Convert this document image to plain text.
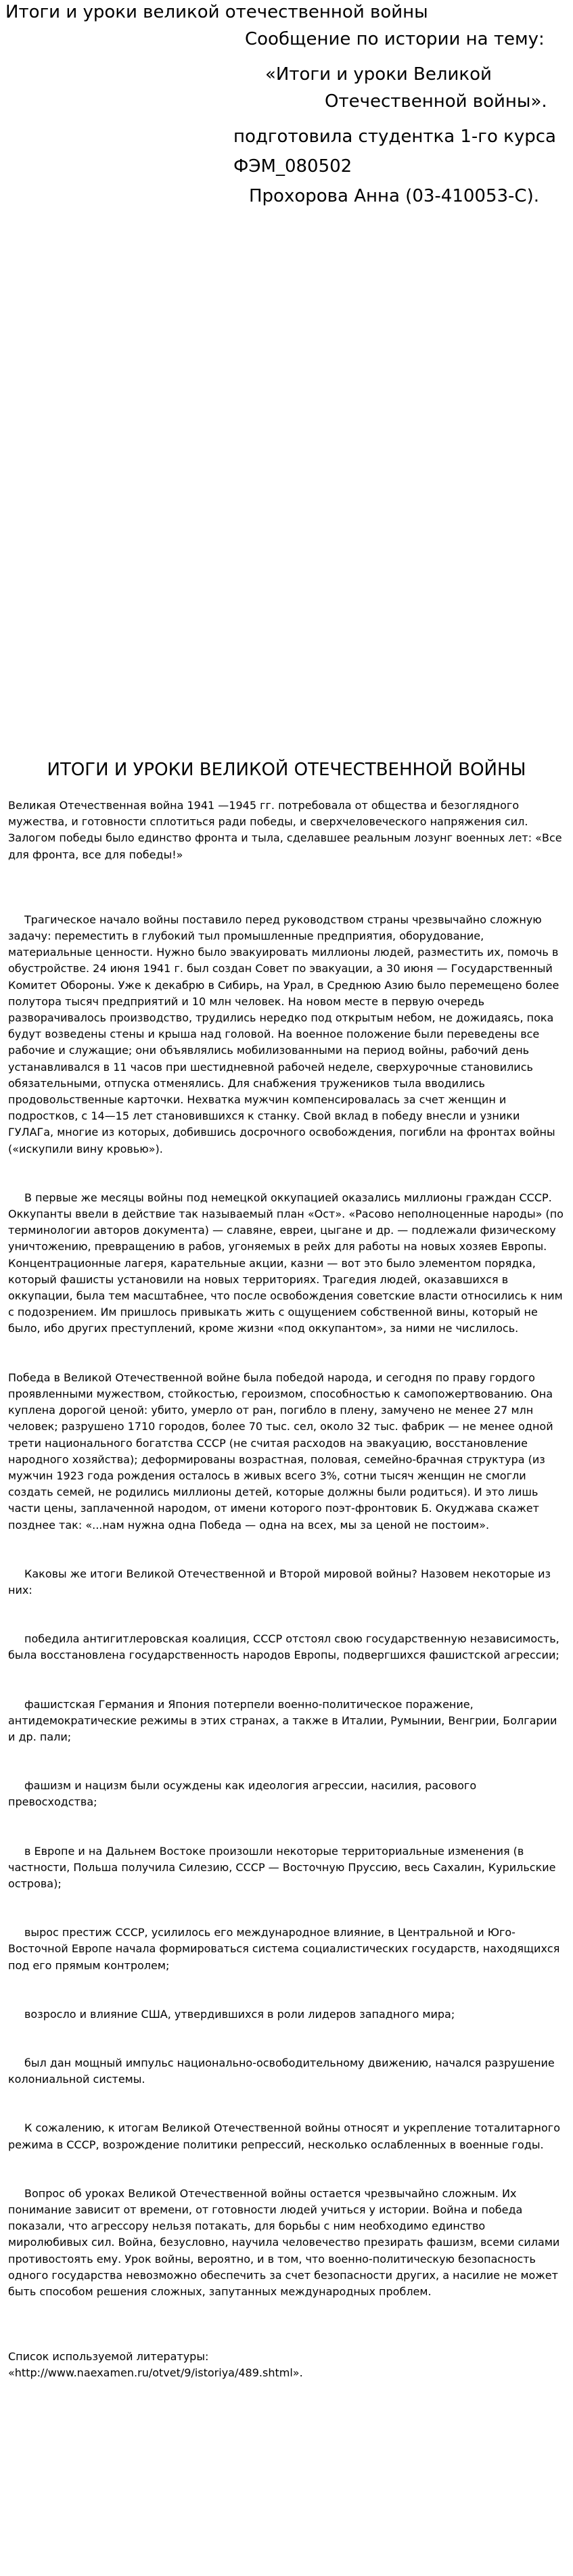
Итоги и уроки великой отечественной войны

Сообщение по истории на тему:

«Итоги и уроки Великой

Отечественной войны».

подготовила студентка 1-го курса

ФЭМ_080502

Прохорова Анна (03-410053-С).

ИТОГИ И УРОКИ ВЕЛИКОЙ ОТЕЧЕСТВЕННОЙ ВОЙНЫ

Великая Отечественная война 1941 —1945 гг. потребовала от общества и безоглядного мужества, и готовности сплотиться ради победы, и сверхчеловеческого напряжения сил. Залогом победы было единство фронта и тыла, сделавшее реальным лозунг военных лет: «Все для фронта, все для победы!»

Трагическое начало войны поставило перед руководством страны чрезвычайно сложную задачу: переместить в глубокий тыл промышленные предприятия, оборудование, материальные ценности. Нужно было эвакуировать миллионы людей, разместить их, помочь в обустройстве. 24 июня 1941 г. был создан Совет по эвакуации, а 30 июня — Государственный Комитет Обороны. Уже к декабрю в Сибирь, на Урал, в Среднюю Азию было перемещено более полутора тысяч предприятий и 10 млн человек. На новом месте в первую очередь разворачивалось производство, трудились нередко под открытым небом, не дожидаясь, пока будут возведены стены и крыша над головой. На военное положение были переведены все рабочие и служащие; они объявлялись мобилизованными на период войны, рабочий день устанавливался в 11 часов при шестидневной рабочей неделе, сверхурочные становились обязательными, отпуска отменялись. Для снабжения тружеников тыла вводились продовольственные карточки. Нехватка мужчин компенсировалась за счет женщин и подростков, с 14—15 лет становившихся к станку. Свой вклад в победу внесли и узники ГУЛАГа, многие из которых, добившись досрочного освобождения, погибли на фронтах войны («искупили вину кровью»).

В первые же месяцы войны под немецкой оккупацией оказались миллионы граждан СССР. Оккупанты ввели в действие так называемый план «Ост». «Расово неполноценные народы» (по терминологии авторов документа) — славяне, евреи, цыгане и др. — подлежали физическому уничтожению, превращению в рабов, угоняемых в рейх для работы на новых хозяев Европы. Концентрационные лагеря, карательные акции, казни — вот это было элементом порядка, который фашисты установили на новых территориях. Трагедия людей, оказавшихся в оккупации, была тем масштабнее, что после освобождения советские власти относились к ним с подозрением. Им пришлось привыкать жить с ощущением собственной вины, который не было, ибо других преступлений, кроме жизни «под оккупантом», за ними не числилось.

Победа в Великой Отечественной войне была победой народа, и сегодня по праву гордого проявленными мужеством, стойкостью, героизмом, способностью к самопожертвованию. Она куплена дорогой ценой: убито, умерло от ран, погибло в плену, замучено не менее 27 млн человек; разрушено 1710 городов, более 70 тыс. сел, около 32 тыс. фабрик — не менее одной трети национального богатства СССР (не считая расходов на эвакуацию, восстановление народного хозяйства); деформированы возрастная, половая, семейно-брачная структура (из мужчин 1923 года рождения осталось в живых всего 3%, сотни тысяч женщин не смогли создать семей, не родились миллионы детей, которые должны были родиться). И это лишь части цены, заплаченной народом, от имени которого поэт-фронтовик Б. Окуджава скажет позднее так: «...нам нужна одна Победа — одна на всех, мы за ценой не постоим».

Каковы же итоги Великой Отечественной и Второй мировой войны? Назовем некоторые из них:

победила антигитлеровская коалиция, СССР отстоял свою государственную независимость, была восстановлена государственность народов Европы, подвергшихся фашистской агрессии;

фашистская Германия и Япония потерпели военно-политическое поражение, антидемократические режимы в этих странах, а также в Италии, Румынии, Венгрии, Болгарии и др. пали;

фашизм и нацизм были осуждены как идеология агрессии, насилия, расового превосходства;

в Европе и на Дальнем Востоке произошли некоторые территориальные изменения (в частности, Польша получила Силезию, СССР — Восточную Пруссию, весь Сахалин, Курильские острова);

вырос престиж СССР, усилилось его международное влияние, в Центральной и Юго-Восточной Европе начала формироваться система социалистических государств, находящихся под его прямым контролем;

возросло и влияние США, утвердившихся в роли лидеров западного мира;

был дан мощный импульс национально-освободительному движению, начался разрушение колониальной системы.

К сожалению, к итогам Великой Отечественной войны относят и укрепление тоталитарного режима в СССР, возрождение политики репрессий, несколько ослабленных в военные годы.

Вопрос об уроках Великой Отечественной войны остается чрезвычайно сложным. Их понимание зависит от времени, от готовности людей учиться у истории. Война и победа показали, что агрессору нельзя потакать, для борьбы с ним необходимо единство миролюбивых сил. Война, безусловно, научила человечество презирать фашизм, всеми силами противостоять ему. Урок войны, вероятно, и в том, что военно-политическую безопасность одного государства невозможно обеспечить за счет безопасности других, а насилие не может быть способом решения сложных, запутанных международных проблем.

Список используемой литературы:

«http://www.naexamen.ru/otvet/9/istoriya/489.shtml».
